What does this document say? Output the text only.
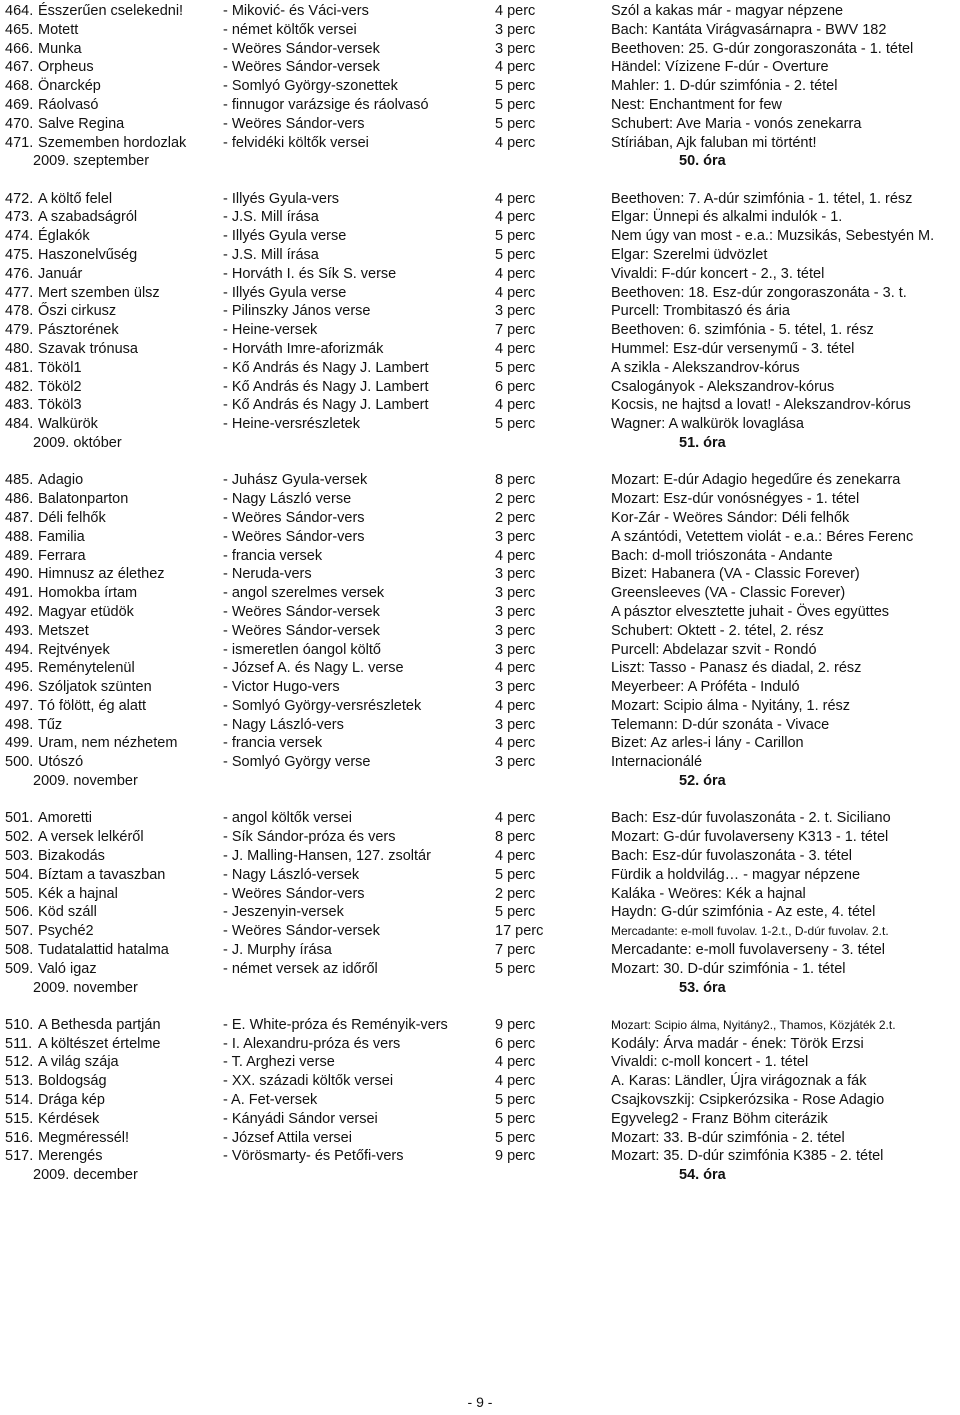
464. Ésszerűen cselekedni!	- Miković- és Váci-vers	4 perc	Szól a kakas már - magyar népzene
465. Motett	- német költők versei	3 perc	Bach: Kantáta Virágvasárnapra - BWV 182
466. Munka	- Weöres Sándor-versek	3 perc	Beethoven: 25. G-dúr zongoraszonáta - 1. tétel
467. Orpheus	- Weöres Sándor-versek	4 perc	Händel: Vízizene F-dúr - Overture
468. Önarckép	- Somlyó György-szonettek	5 perc	Mahler: 1. D-dúr szimfónia - 2. tétel
469. Ráolvasó	- finnugor varázsige és ráolvasó	5 perc	Nest: Enchantment for few
470. Salve Regina	- Weöres Sándor-vers	5 perc	Schubert: Ave Maria - vonós zenekarra
471. Szememben hordozlak	- felvidéki költők versei	4 perc	Stíriában, Ajk faluban mi történt!
2009. szeptember	50. óra
472. A költő felel	- Illyés Gyula-vers	4 perc	Beethoven: 7. A-dúr szimfónia - 1. tétel, 1. rész
473. A szabadságról	- J.S. Mill írása	4 perc	Elgar: Ünnepi és alkalmi indulók - 1.
474. Églakók	- Illyés Gyula verse	5 perc	Nem úgy van most - e.a.: Muzsikás, Sebestyén M.
475. Haszonelvűség	- J.S. Mill írása	5 perc	Elgar: Szerelmi üdvözlet
476. Január	- Horváth I. és Sík S. verse	4 perc	Vivaldi: F-dúr koncert - 2., 3. tétel
477. Mert szemben ülsz	- Illyés Gyula verse	4 perc	Beethoven: 18. Esz-dúr zongoraszonáta - 3. t.
478. Őszi cirkusz	- Pilinszky János verse	3 perc	Purcell: Trombitaszó és ária
479. Pásztorének	- Heine-versek	7 perc	Beethoven: 6. szimfónia - 5. tétel, 1. rész
480. Szavak trónusa	- Horváth Imre-aforizmák	4 perc	Hummel: Esz-dúr versenymű - 3. tétel
481. Tököl1	- Kő András és Nagy J. Lambert	5 perc	A szikla - Alekszandrov-kórus
482. Tököl2	- Kő András és Nagy J. Lambert	6 perc	Csalogányok - Alekszandrov-kórus
483. Tököl3	- Kő András és Nagy J. Lambert	4 perc	Kocsis, ne hajtsd a lovat! - Alekszandrov-kórus
484. Walkürök	- Heine-versrészletek	5 perc	Wagner: A walkürök lovaglása
2009. október	51. óra
485. Adagio	- Juhász Gyula-versek	8 perc	Mozart: E-dúr Adagio hegedűre és zenekarra
486. Balatonparton	- Nagy László verse	2 perc	Mozart: Esz-dúr vonósnégyes - 1. tétel
487. Déli felhők	- Weöres Sándor-vers	2 perc	Kor-Zár - Weöres Sándor: Déli felhők
488. Familia	- Weöres Sándor-vers	3 perc	A szántódi, Vetettem violát - e.a.: Béres Ferenc
489. Ferrara	- francia versek	4 perc	Bach: d-moll triószonáta - Andante
490. Himnusz az élethez	- Neruda-vers	3 perc	Bizet: Habanera (VA - Classic Forever)
491. Homokba írtam	- angol szerelmes versek	3 perc	Greensleeves (VA - Classic Forever)
492. Magyar etüdök	- Weöres Sándor-versek	3 perc	A pásztor elvesztette juhait - Öves együttes
493. Metszet	- Weöres Sándor-versek	3 perc	Schubert: Oktett - 2. tétel, 2. rész
494. Rejtvények	- ismeretlen óangol költő	3 perc	Purcell: Abdelazar szvit - Rondó
495. Reménytelenül	- József A. és Nagy L. verse	4 perc	Liszt: Tasso - Panasz és diadal, 2. rész
496. Szóljatok szünten	- Victor Hugo-vers	3 perc	Meyerbeer: A Próféta - Induló
497. Tó fölött, ég alatt	- Somlyó György-versrészletek	4 perc	Mozart: Scipio álma - Nyitány, 1. rész
498. Tűz	- Nagy László-vers	3 perc	Telemann: D-dúr szonáta - Vivace
499. Uram, nem nézhetem	- francia versek	4 perc	Bizet: Az arles-i lány - Carillon
500. Utószó	- Somlyó György verse	3 perc	Internacionálé
2009. november	52. óra
501. Amoretti	- angol költők versei	4 perc	Bach: Esz-dúr fuvolaszonáta - 2. t. Siciliano
502. A versek lelkéről	- Sík Sándor-próza és vers	8 perc	Mozart: G-dúr fuvolaverseny K313 - 1. tétel
503. Bizakodás	- J. Malling-Hansen, 127. zsoltár	4 perc	Bach: Esz-dúr fuvolaszonáta - 3. tétel
504. Bíztam a tavaszban	- Nagy László-versek	5 perc	Fürdik a holdvilág… - magyar népzene
505. Kék a hajnal	- Weöres Sándor-vers	2 perc	Kaláka - Weöres: Kék a hajnal
506. Köd száll	- Jeszenyin-versek	5 perc	Haydn: G-dúr szimfónia - Az este, 4. tétel
507. Psyché2	- Weöres Sándor-versek	17 perc	Mercadante: e-moll fuvolav. 1-2.t., D-dúr fuvolav. 2.t.
508. Tudatalattid hatalma	- J. Murphy írása	7 perc	Mercadante: e-moll fuvolaverseny - 3. tétel
509. Való igaz	- német versek az időről	5 perc	Mozart: 30. D-dúr szimfónia - 1. tétel
2009. november	53. óra
510. A Bethesda partján	- E. White-próza és Reményik-vers	9 perc	Mozart: Scipio álma, Nyitány2., Thamos, Közjáték 2.t.
511. A költészet értelme	- I. Alexandru-próza és vers	6 perc	Kodály: Árva madár - ének: Török Erzsi
512. A világ szája	- T. Arghezi verse	4 perc	Vivaldi: c-moll koncert - 1. tétel
513. Boldogság	- XX. századi költők versei	4 perc	A. Karas: Ländler, Újra virágoznak a fák
514. Drága kép	- A. Fet-versek	5 perc	Csajkovszkij: Csipkerózsika - Rose Adagio
515. Kérdések	- Kányádi Sándor versei	5 perc	Egyveleg2 - Franz Böhm citerázik
516. Megméressél!	- József Attila versei	5 perc	Mozart: 33. B-dúr szimfónia - 2. tétel
517. Merengés	- Vörösmarty- és Petőfi-vers	9 perc	Mozart: 35. D-dúr szimfónia K385 - 2. tétel
2009. december	54. óra
- 9 -
